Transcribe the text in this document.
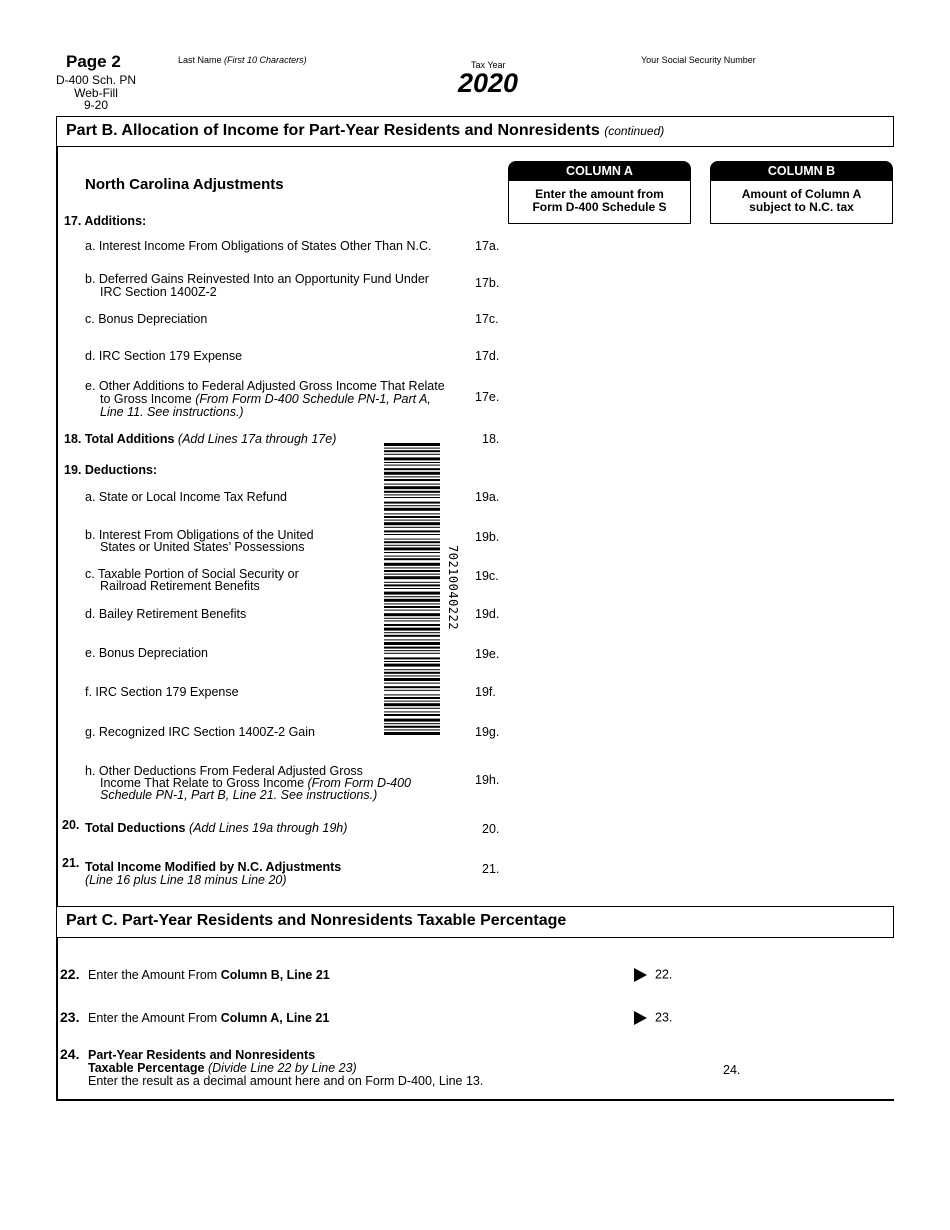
Page 2
D-400 Sch. PN
Web-Fill
9-20
Last Name (First 10 Characters)	Tax Year
2020
Your Social Security Number
Part B. Allocation of Income for Part-Year Residents and Nonresidents (continued)
COLUMN A
Enter the amount from
Form D-400 Schedule S
COLUMN B
Amount of Column A
subject to N.C. tax
North Carolina Adjustments
17. Additions:
a. Interest Income From Obligations of States Other Than N.C.	17a.
b. Deferred Gains Reinvested Into an Opportunity Fund Under
IRC Section 1400Z-2
17b.
c. Bonus Depreciation	17c.
d. IRC Section 179 Expense	17d.
e. Other Additions to Federal Adjusted Gross Income That Relate
to Gross Income (From Form D-400 Schedule PN-1, Part A,
Line 11. See instructions.)
17e.
18. Total Additions (Add Lines 17a through 17e)	18.
19. Deductions:
a. State or Local Income Tax Refund	19a.
b. Interest From Obligations of the United
States or United States’ Possessions
19b.
c. Taxable Portion of Social Security or
Railroad Retirement Benefits
19c.
d. Bailey Retirement Benefits	19d.
e. Bonus Depreciation	19e.
f. IRC Section 179 Expense	19f.
g. Recognized IRC Section 1400Z-2 Gain	19g.
h. Other Deductions From Federal Adjusted Gross
Income That Relate to Gross Income (From Form D-400
Schedule PN-1, Part B, Line 21. See instructions.)
19h.
20. Total Deductions (Add Lines 19a through 19h)	20.
21. Total Income Modified by N.C. Adjustments
(Line 16 plus Line 18 minus Line 20)
21.
70210040222
Part C. Part-Year Residents and Nonresidents Taxable Percentage
22. Enter the Amount From Column B, Line 21	22.
23. Enter the Amount From Column A, Line 21	23.
24. Part-Year Residents and Nonresidents
Taxable Percentage (Divide Line 22 by Line 23)
Enter the result as a decimal amount here and on Form D-400, Line 13.
24.
